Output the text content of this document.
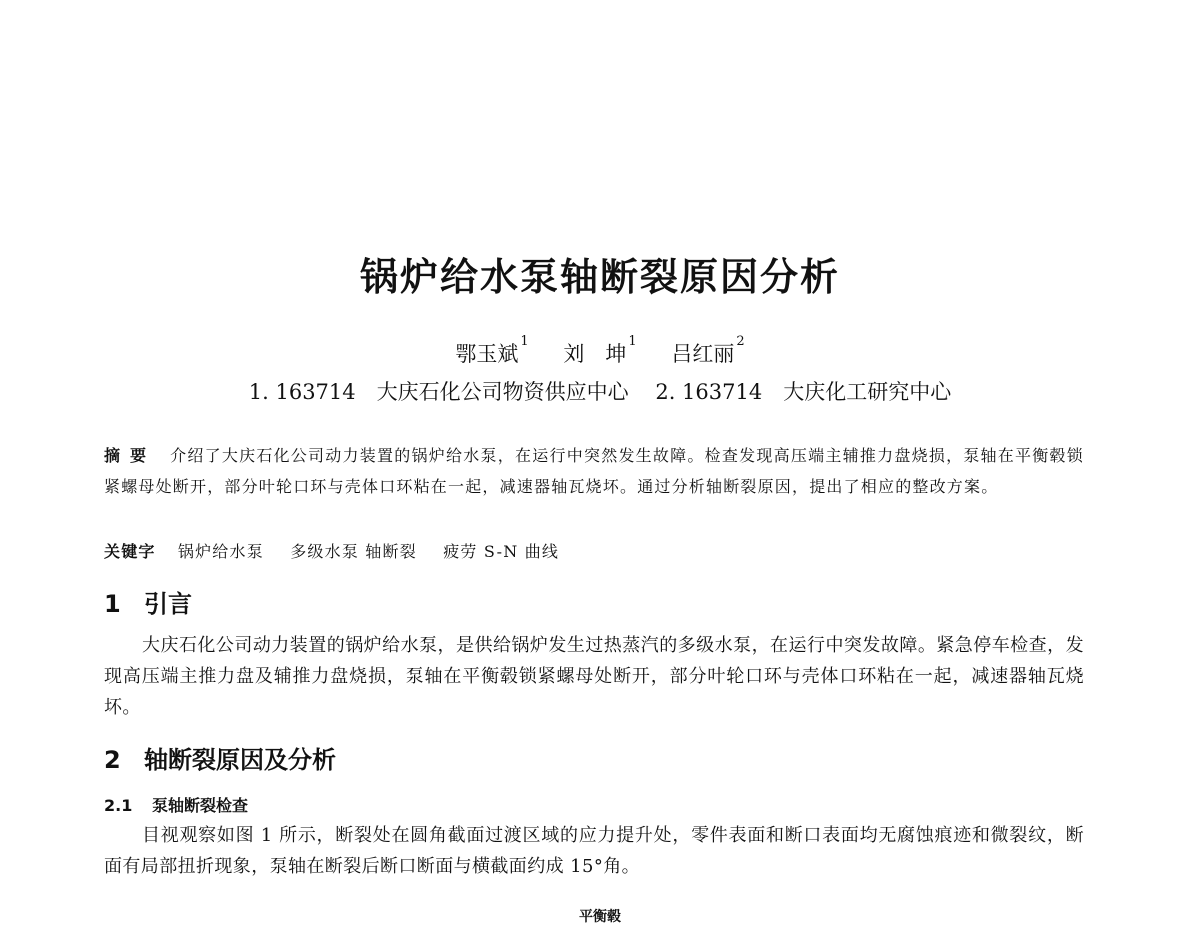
锅炉给水泵轴断裂原因分析

鄂玉斌$^1$ 刘　坤$^1$ 吕红丽$^2$

1. 163714　大庆石化公司物资供应中心 2. 163714　大庆化工研究中心

摘要 介绍了大庆石化公司动力装置的锅炉给水泵，在运行中突然发生故障。检查发现高压端主辅推力盘烧损，泵轴在平衡毂锁紧螺母处断开，部分叶轮口环与壳体口环粘在一起，减速器轴瓦烧坏。通过分析轴断裂原因，提出了相应的整改方案。

关键字 锅炉给水泵 多级水泵 轴断裂 疲劳 S-N 曲线

1 引言

大庆石化公司动力装置的锅炉给水泵，是供给锅炉发生过热蒸汽的多级水泵，在运行中突发故障。紧急停车检查，发现高压端主推力盘及辅推力盘烧损，泵轴在平衡毂锁紧螺母处断开，部分叶轮口环与壳体口环粘在一起，减速器轴瓦烧坏。

2 轴断裂原因及分析
2.1 泵轴断裂检查

目视观察如图 1 所示，断裂处在圆角截面过渡区域的应力提升处，零件表面和断口表面均无腐蚀痕迹和微裂纹，断面有局部扭折现象，泵轴在断裂后断口断面与横截面约成 15°角。

平衡毂
